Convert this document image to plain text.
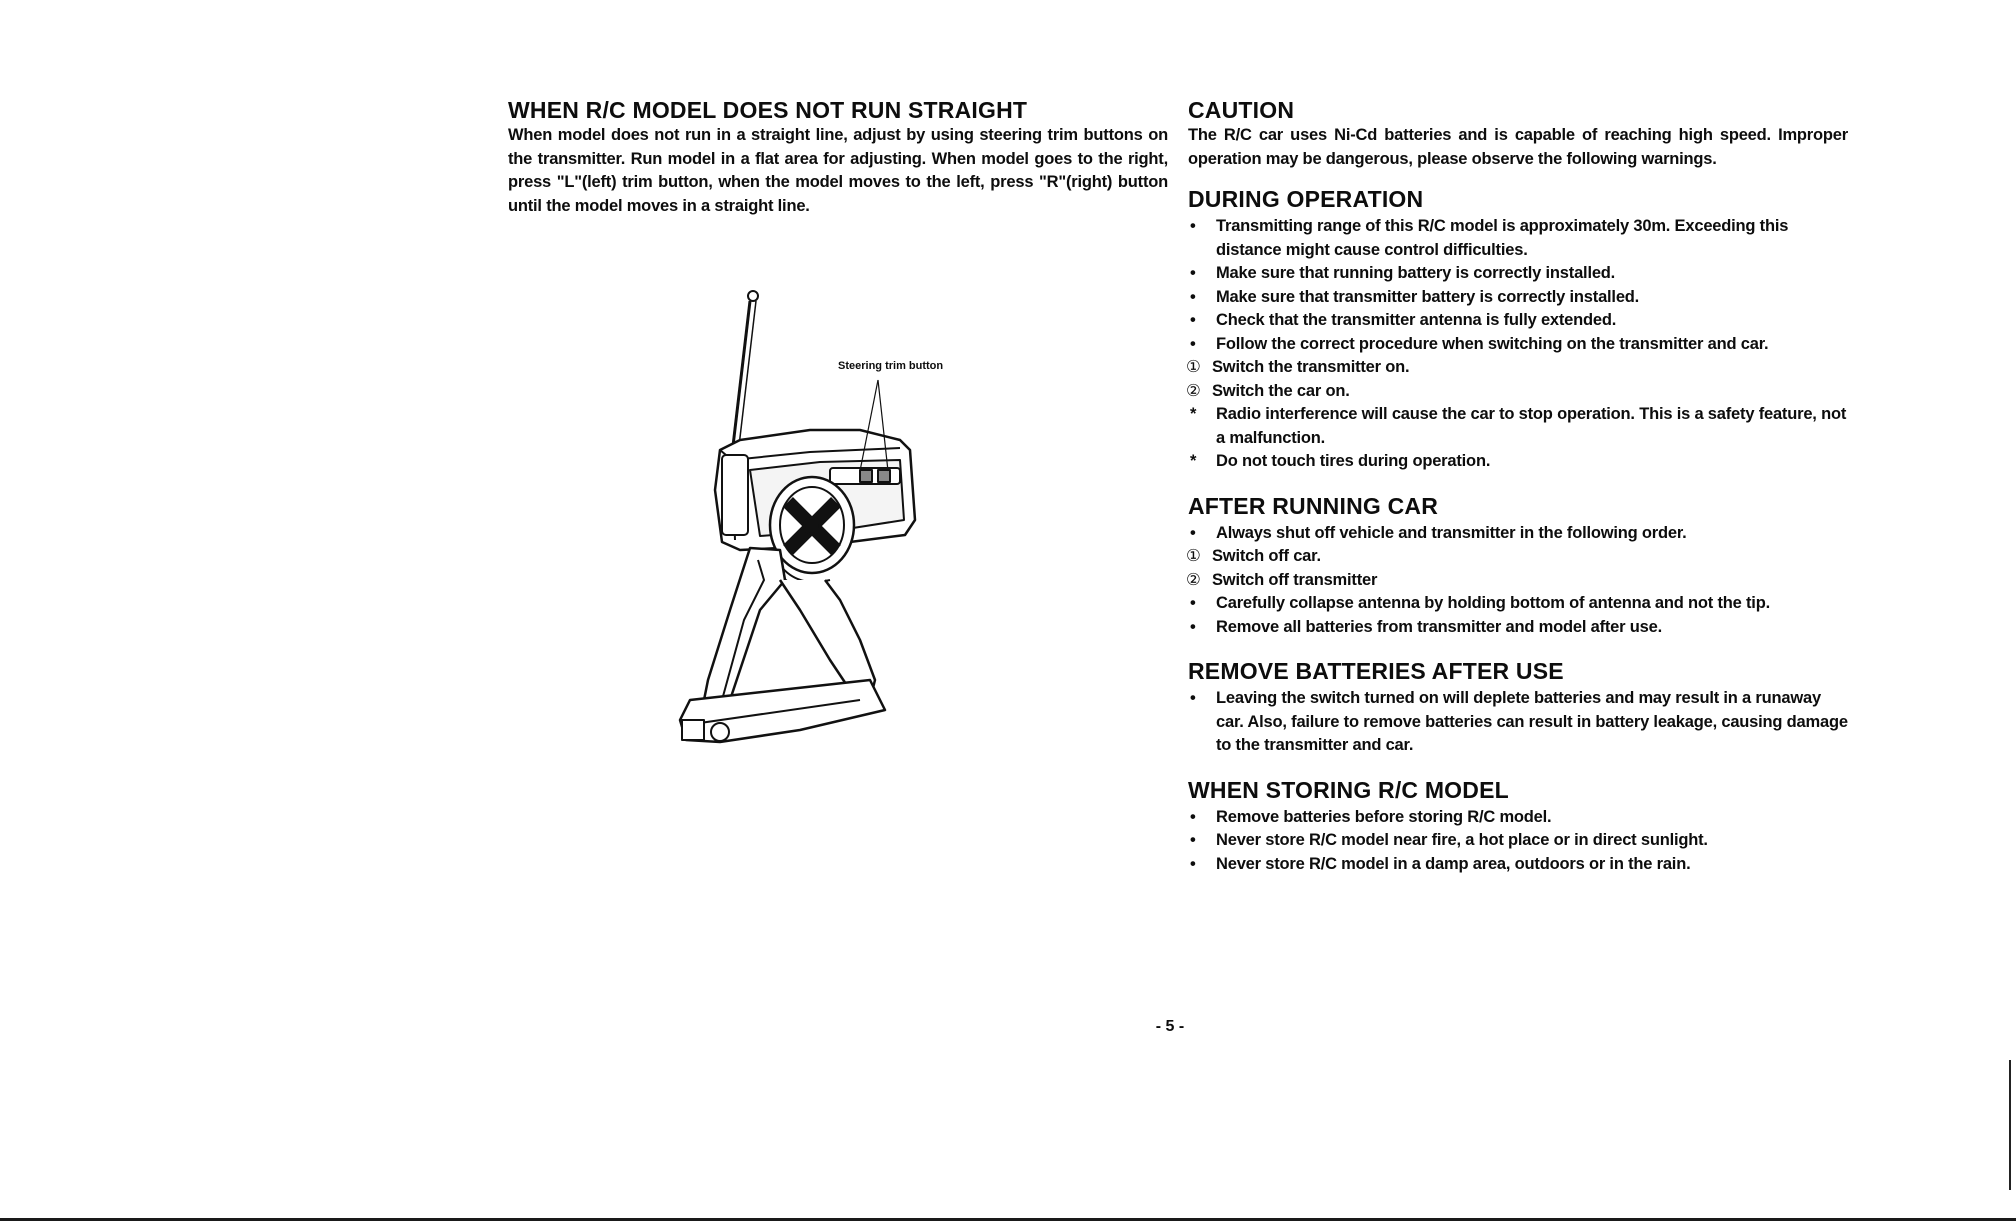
WHEN R/C MODEL DOES NOT RUN STRAIGHT

When model does not run in a straight line, adjust by using steering trim buttons on the transmitter. Run model in a flat area for adjusting. When model goes to the right, press "L"(left) trim button, when the model moves to the left, press "R"(right) button until the model moves in a straight line.

Steering trim button
CAUTION

The R/C car uses Ni-Cd batteries and is capable of reaching high speed. Improper operation may be dangerous, please observe the following warnings.

DURING OPERATION
•	Transmitting range of this R/C model is approximately 30m. Exceeding this distance might cause control difficulties.
•	Make sure that running battery is correctly installed.
•	Make sure that transmitter battery is correctly installed.
•	Check that the transmitter antenna is fully extended.
•	Follow the correct procedure when switching on the transmitter and car.
① Switch the transmitter on.
② Switch the car on.
*	Radio interference will cause the car to stop operation. This is a safety feature, not a malfunction.
*	Do not touch tires during operation.
AFTER RUNNING CAR
•	Always shut off vehicle and transmitter in the following order.
① Switch off car.
② Switch off transmitter
•	Carefully collapse antenna by holding bottom of antenna and not the tip.
•	Remove all batteries from transmitter and model after use.
REMOVE BATTERIES AFTER USE
•	Leaving the switch turned on will deplete batteries and may result in a runaway car. Also, failure to remove batteries can result in battery leakage, causing damage to the transmitter and car.
WHEN STORING R/C MODEL
•	Remove batteries before storing R/C model.
•	Never store R/C model near fire, a hot place or in direct sunlight.
•	Never store R/C model in a damp area, outdoors or in the rain.
- 5 -
